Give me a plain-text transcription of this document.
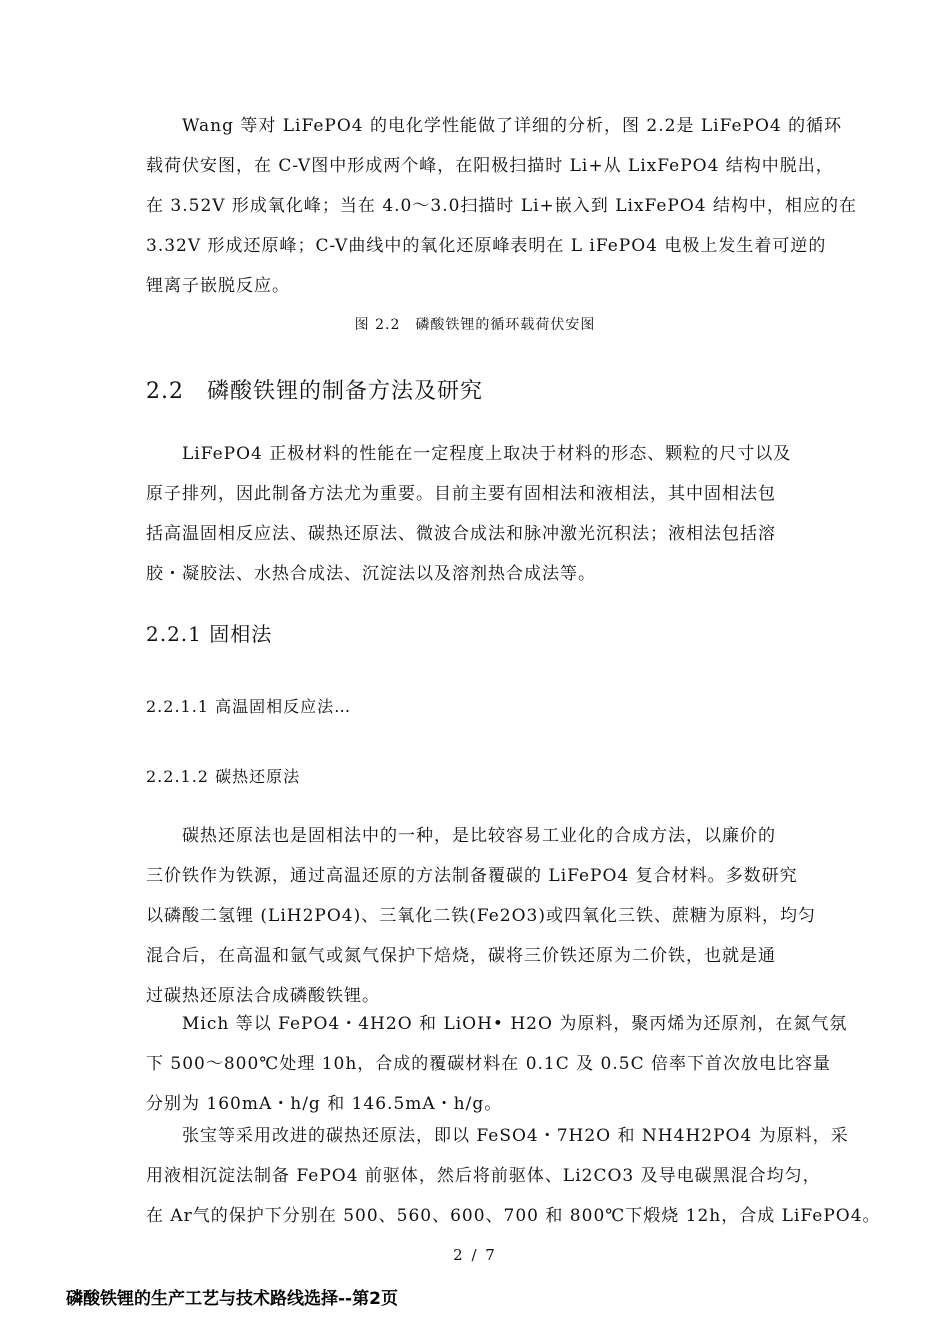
Wang 等对 LiFePO4 的电化学性能做了详细的分析，图 2.2是 LiFePO4 的循环
载荷伏安图，在 C-V图中形成两个峰，在阳极扫描时 Li+从 LixFePO4 结构中脱出，
在 3.52V 形成氧化峰；当在 4.0～3.0扫描时 Li+嵌入到 LixFePO4 结构中，相应的在
3.32V 形成还原峰；C-V曲线中的氧化还原峰表明在 L iFePO4 电极上发生着可逆的
锂离子嵌脱反应。
图 2.2　磷酸铁锂的循环载荷伏安图
2.2　磷酸铁锂的制备方法及研究
LiFePO4 正极材料的性能在一定程度上取决于材料的形态、颗粒的尺寸以及
原子排列，因此制备方法尤为重要。目前主要有固相法和液相法，其中固相法包
括高温固相反应法、碳热还原法、微波合成法和脉冲激光沉积法；液相法包括溶
胶・凝胶法、水热合成法、沉淀法以及溶剂热合成法等。
2.2.1 固相法
2.2.1.1 高温固相反应法…
2.2.1.2 碳热还原法
碳热还原法也是固相法中的一种，是比较容易工业化的合成方法，以廉价的
三价铁作为铁源，通过高温还原的方法制备覆碳的 LiFePO4 复合材料。多数研究
以磷酸二氢锂 (LiH2PO4)、三氧化二铁(Fe2O3)或四氧化三铁、蔗糖为原料，均匀
混合后，在高温和氩气或氮气保护下焙烧，碳将三价铁还原为二价铁，也就是通
过碳热还原法合成磷酸铁锂。
Mich 等以 FePO4・4H2O 和 LiOH• H2O 为原料，聚丙烯为还原剂，在氮气氛
下 500～800℃处理 10h，合成的覆碳材料在 0.1C 及 0.5C 倍率下首次放电比容量
分别为 160mA・h/g 和 146.5mA・h/g。
张宝等采用改进的碳热还原法，即以 FeSO4・7H2O 和 NH4H2PO4 为原料，采
用液相沉淀法制备 FePO4 前驱体，然后将前驱体、Li2CO3 及导电碳黑混合均匀，
在 Ar气的保护下分别在 500、560、600、700 和 800℃下煅烧 12h，合成 LiFePO4。
2 / 7
磷酸铁锂的生产工艺与技术路线选择--第2页
